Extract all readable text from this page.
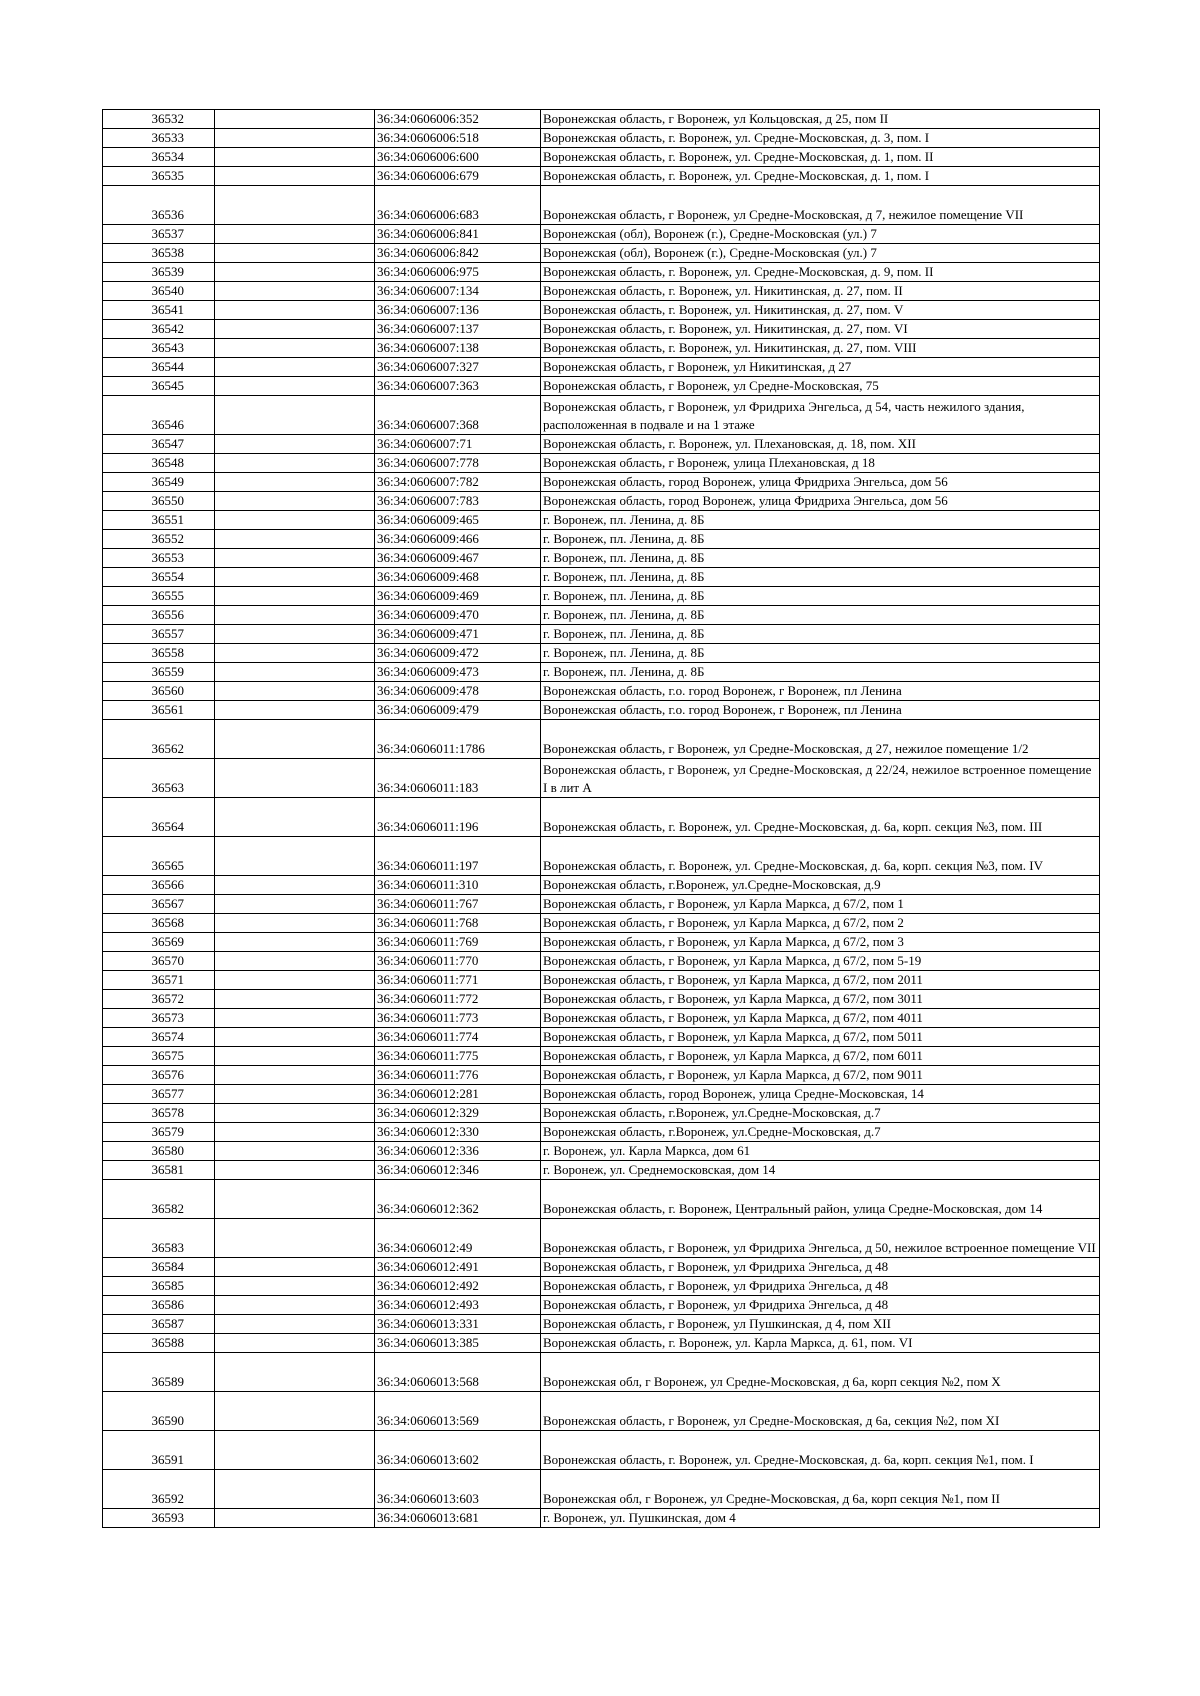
36532		36:34:0606006:352	Воронежская область, г Воронеж, ул Кольцовская, д 25, пом II
36533		36:34:0606006:518	Воронежская область, г. Воронеж, ул. Средне-Московская, д. 3, пом. I
36534		36:34:0606006:600	Воронежская область, г. Воронеж, ул. Средне-Московская, д. 1, пом. II
36535		36:34:0606006:679	Воронежская область, г. Воронеж, ул. Средне-Московская, д. 1, пом. I
36536		36:34:0606006:683	Воронежская область, г Воронеж, ул Средне-Московская, д 7, нежилое помещение VII
36537		36:34:0606006:841	Воронежская (обл), Воронеж (г.), Средне-Московская (ул.) 7
36538		36:34:0606006:842	Воронежская (обл), Воронеж (г.), Средне-Московская (ул.) 7
36539		36:34:0606006:975	Воронежская область, г. Воронеж, ул. Средне-Московская, д. 9, пом. II
36540		36:34:0606007:134	Воронежская область, г. Воронеж, ул. Никитинская, д. 27, пом. II
36541		36:34:0606007:136	Воронежская область, г. Воронеж, ул. Никитинская, д. 27, пом. V
36542		36:34:0606007:137	Воронежская область, г. Воронеж, ул. Никитинская, д. 27, пом. VI
36543		36:34:0606007:138	Воронежская область, г. Воронеж, ул. Никитинская, д. 27, пом. VIII
36544		36:34:0606007:327	Воронежская область, г Воронеж, ул Никитинская, д 27
36545		36:34:0606007:363	Воронежская область, г Воронеж, ул Средне-Московская, 75
36546		36:34:0606007:368	Воронежская область, г Воронеж, ул Фридриха Энгельса, д 54, часть нежилого здания, расположенная в подвале и на 1 этаже
36547		36:34:0606007:71	Воронежская область, г. Воронеж, ул. Плехановская, д. 18, пом. XII
36548		36:34:0606007:778	Воронежская область, г Воронеж, улица Плехановская, д 18
36549		36:34:0606007:782	Воронежская область, город Воронеж, улица Фридриха Энгельса, дом 56
36550		36:34:0606007:783	Воронежская область, город Воронеж, улица Фридриха Энгельса, дом 56
36551		36:34:0606009:465	г. Воронеж, пл. Ленина, д. 8Б
36552		36:34:0606009:466	г. Воронеж, пл. Ленина, д. 8Б
36553		36:34:0606009:467	г. Воронеж, пл. Ленина, д. 8Б
36554		36:34:0606009:468	г. Воронеж, пл. Ленина, д. 8Б
36555		36:34:0606009:469	г. Воронеж, пл. Ленина, д. 8Б
36556		36:34:0606009:470	г. Воронеж, пл. Ленина, д. 8Б
36557		36:34:0606009:471	г. Воронеж, пл. Ленина, д. 8Б
36558		36:34:0606009:472	г. Воронеж, пл. Ленина, д. 8Б
36559		36:34:0606009:473	г. Воронеж, пл. Ленина, д. 8Б
36560		36:34:0606009:478	Воронежская область, г.о. город Воронеж, г Воронеж, пл Ленина
36561		36:34:0606009:479	Воронежская область, г.о. город Воронеж, г Воронеж, пл Ленина
36562		36:34:0606011:1786	Воронежская область, г Воронеж, ул Средне-Московская, д 27, нежилое помещение 1/2
36563		36:34:0606011:183	Воронежская область, г Воронеж, ул Средне-Московская, д 22/24, нежилое встроенное помещение I в лит А
36564		36:34:0606011:196	Воронежская область, г. Воронеж, ул. Средне-Московская, д. 6а, корп. секция №3, пом. III
36565		36:34:0606011:197	Воронежская область, г. Воронеж, ул. Средне-Московская, д. 6а, корп. секция №3, пом. IV
36566		36:34:0606011:310	Воронежская область, г.Воронеж, ул.Средне-Московская, д.9
36567		36:34:0606011:767	Воронежская область, г Воронеж, ул Карла Маркса, д 67/2, пом 1
36568		36:34:0606011:768	Воронежская область, г Воронеж, ул Карла Маркса, д 67/2, пом 2
36569		36:34:0606011:769	Воронежская область, г Воронеж, ул Карла Маркса, д 67/2, пом 3
36570		36:34:0606011:770	Воронежская область, г Воронеж, ул Карла Маркса, д 67/2, пом 5-19
36571		36:34:0606011:771	Воронежская область, г Воронеж, ул Карла Маркса, д 67/2, пом 2011
36572		36:34:0606011:772	Воронежская область, г Воронеж, ул Карла Маркса, д 67/2, пом 3011
36573		36:34:0606011:773	Воронежская область, г Воронеж, ул Карла Маркса, д 67/2, пом 4011
36574		36:34:0606011:774	Воронежская область, г Воронеж, ул Карла Маркса, д 67/2, пом 5011
36575		36:34:0606011:775	Воронежская область, г Воронеж, ул Карла Маркса, д 67/2, пом 6011
36576		36:34:0606011:776	Воронежская область, г Воронеж, ул Карла Маркса, д 67/2, пом 9011
36577		36:34:0606012:281	Воронежская область, город Воронеж, улица Средне-Московская, 14
36578		36:34:0606012:329	Воронежская область, г.Воронеж, ул.Средне-Московская, д.7
36579		36:34:0606012:330	Воронежская область, г.Воронеж, ул.Средне-Московская, д.7
36580		36:34:0606012:336	г. Воронеж, ул. Карла Маркса, дом 61
36581		36:34:0606012:346	г. Воронеж, ул. Среднемосковская, дом 14
36582		36:34:0606012:362	Воронежская область, г. Воронеж, Центральный район, улица Средне-Московская, дом 14
36583		36:34:0606012:49	Воронежская область, г Воронеж, ул Фридриха Энгельса, д 50, нежилое встроенное помещение VII
36584		36:34:0606012:491	Воронежская область, г Воронеж, ул Фридриха Энгельса, д 48
36585		36:34:0606012:492	Воронежская область, г Воронеж, ул Фридриха Энгельса, д 48
36586		36:34:0606012:493	Воронежская область, г Воронеж, ул Фридриха Энгельса, д 48
36587		36:34:0606013:331	Воронежская область, г Воронеж, ул Пушкинская, д 4, пом XII
36588		36:34:0606013:385	Воронежская область, г. Воронеж, ул. Карла Маркса, д. 61, пом. VI
36589		36:34:0606013:568	Воронежская обл, г Воронеж, ул Средне-Московская, д 6а, корп секция №2, пом X
36590		36:34:0606013:569	Воронежская область, г Воронеж, ул Средне-Московская, д 6а, секция №2, пом XI
36591		36:34:0606013:602	Воронежская область, г. Воронеж, ул. Средне-Московская, д. 6а, корп. секция №1, пом. I
36592		36:34:0606013:603	Воронежская обл, г Воронеж, ул Средне-Московская, д 6а, корп секция №1, пом II
36593		36:34:0606013:681	г. Воронеж, ул. Пушкинская, дом 4
